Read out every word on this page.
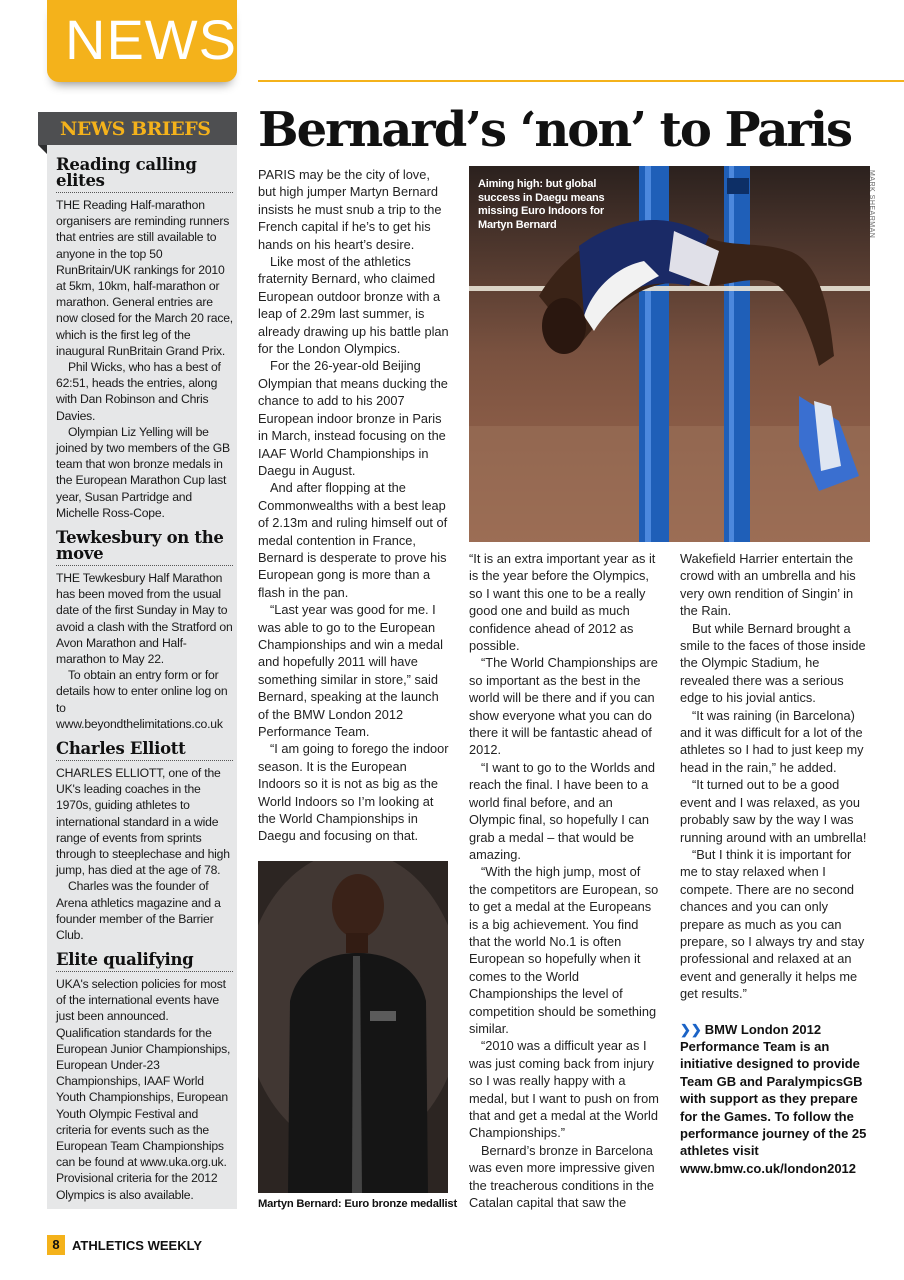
NEWS
NEWS BRIEFS
Reading calling elites

THE Reading Half-marathon organisers are reminding runners that entries are still available to anyone in the top 50 RunBritain/UK rankings for 2010 at 5km, 10km, half-marathon or marathon. General entries are now closed for the March 20 race, which is the first leg of the inaugural RunBritain Grand Prix.

Phil Wicks, who has a best of 62:51, heads the entries, along with Dan Robinson and Chris Davies.

Olympian Liz Yelling will be joined by two members of the GB team that won bronze medals in the European Marathon Cup last year, Susan Partridge and Michelle Ross-Cope.

Tewkesbury on the move

THE Tewkesbury Half Marathon has been moved from the usual date of the first Sunday in May to avoid a clash with the Stratford on Avon Marathon and Half-marathon to May 22.

To obtain an entry form or for details how to enter online log on to www.beyondthelimitations.co.uk

Charles Elliott

CHARLES ELLIOTT, one of the UK's leading coaches in the 1970s, guiding athletes to international standard in a wide range of events from sprints through to steeplechase and high jump, has died at the age of 78.

Charles was the founder of Arena athletics magazine and a founder member of the Barrier Club.

Elite qualifying

UKA's selection policies for most of the international events have just been announced. Qualification standards for the European Junior Championships, European Under-23 Championships, IAAF World Youth Championships, European Youth Olympic Festival and criteria for events such as the European Team Championships can be found at www.uka.org.uk. Provisional criteria for the 2012 Olympics is also available.

Bernard’s ‘non’ to Paris

PARIS may be the city of love, but high jumper Martyn Bernard insists he must snub a trip to the French capital if he’s to get his hands on his heart’s desire.

Like most of the athletics fraternity Bernard, who claimed European outdoor bronze with a leap of 2.29m last summer, is already drawing up his battle plan for the London Olympics.

For the 26-year-old Beijing Olympian that means ducking the chance to add to his 2007 European indoor bronze in Paris in March, instead focusing on the IAAF World Championships in Daegu in August.

And after flopping at the Commonwealths with a best leap of 2.13m and ruling himself out of medal contention in France, Bernard is desperate to prove his European gong is more than a flash in the pan.

“Last year was good for me. I was able to go to the European Championships and win a medal and hopefully 2011 will have something similar in store,” said Bernard, speaking at the launch of the BMW London 2012 Performance Team.

“I am going to forego the indoor season. It is the European Indoors so it is not as big as the World Indoors so I’m looking at the World Championships in Daegu and focusing on that.

Aiming high: but global success in Daegu means missing Euro Indoors for Martyn Bernard	MARK SHEARMAN
Martyn Bernard: Euro bronze medallist

“It is an extra important year as it is the year before the Olympics, so I want this one to be a really good one and build as much confidence ahead of 2012 as possible.

“The World Championships are so important as the best in the world will be there and if you can show everyone what you can do there it will be fantastic ahead of 2012.

“I want to go to the Worlds and reach the final. I have been to a world final before, and an Olympic final, so hopefully I can grab a medal – that would be amazing.

“With the high jump, most of the competitors are European, so to get a medal at the Europeans is a big achievement. You find that the world No.1 is often European so hopefully when it comes to the World Championships the level of competition should be something similar.

“2010 was a difficult year as I was just coming back from injury so I was really happy with a medal, but I want to push on from that and get a medal at the World Championships.”

Bernard’s bronze in Barcelona was even more impressive given the treacherous conditions in the Catalan capital that saw the

Wakefield Harrier entertain the crowd with an umbrella and his very own rendition of Singin’ in the Rain.

But while Bernard brought a smile to the faces of those inside the Olympic Stadium, he revealed there was a serious edge to his jovial antics.

“It was raining (in Barcelona) and it was difficult for a lot of the athletes so I had to just keep my head in the rain,” he added.

“It turned out to be a good event and I was relaxed, as you probably saw by the way I was running around with an umbrella!

“But I think it is important for me to stay relaxed when I compete. There are no second chances and you can only prepare as much as you can prepare, so I always try and stay professional and relaxed at an event and generally it helps me get results.”

❯❯ BMW London 2012 Performance Team is an initiative designed to provide Team GB and ParalympicsGB with support as they prepare for the Games. To follow the performance journey of the 25 athletes visit www.bmw.co.uk/london2012

8 ATHLETICS WEEKLY
